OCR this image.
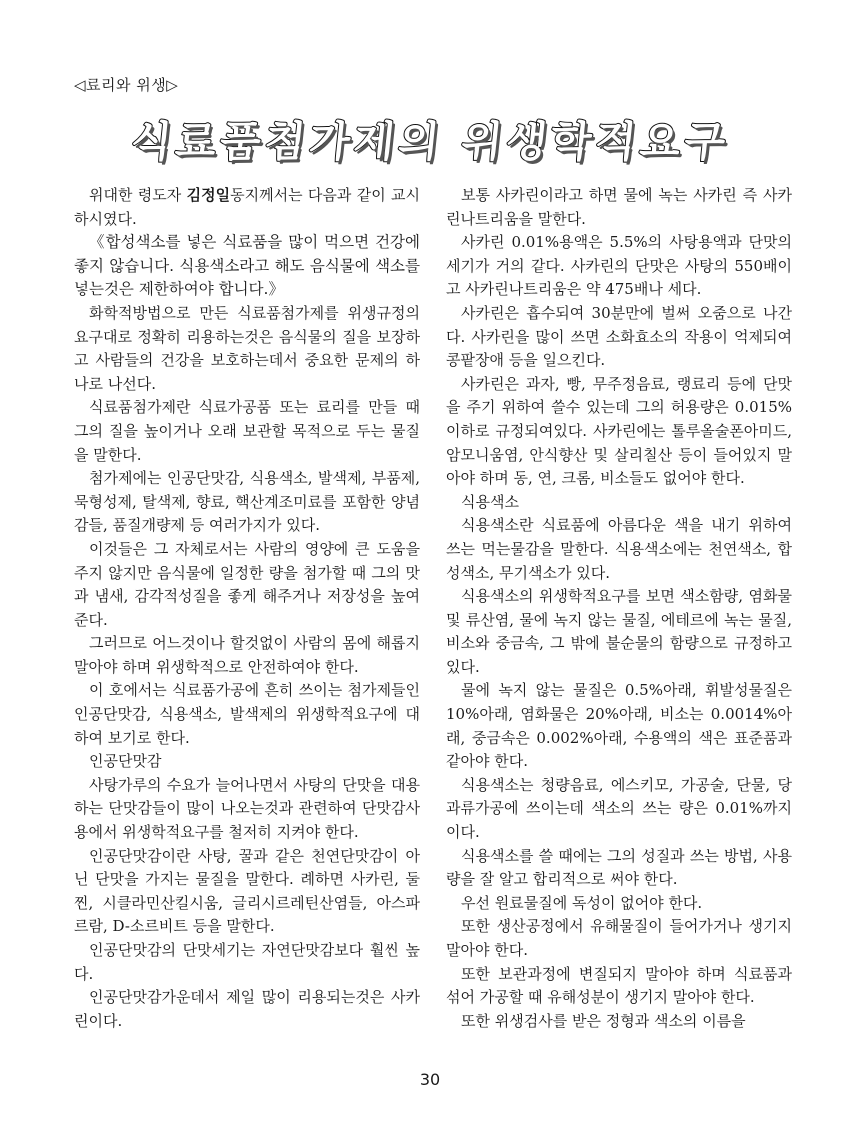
◁료리와 위생▷
식료품첨가제의 위생학적요구

위대한 령도자 김정일동지께서는 다음과 같이 교시하시였다.

《합성색소를 넣은 식료품을 많이 먹으면 건강에 좋지 않습니다. 식용색소라고 해도 음식물에 색소를 넣는것은 제한하여야 합니다.》

화학적방법으로 만든 식료품첨가제를 위생규정의 요구대로 정확히 리용하는것은 음식물의 질을 보장하고 사람들의 건강을 보호하는데서 중요한 문제의 하나로 나선다.

식료품첨가제란 식료가공품 또는 료리를 만들 때 그의 질을 높이거나 오래 보관할 목적으로 두는 물질을 말한다.

첨가제에는 인공단맛감, 식용색소, 발색제, 부품제, 묵형성제, 탈색제, 향료, 핵산계조미료를 포함한 양념감들, 품질개량제 등 여러가지가 있다.

이것들은 그 자체로서는 사람의 영양에 큰 도움을 주지 않지만 음식물에 일정한 량을 첨가할 때 그의 맛과 냄새, 감각적성질을 좋게 해주거나 저장성을 높여준다.

그러므로 어느것이나 할것없이 사람의 몸에 해롭지 말아야 하며 위생학적으로 안전하여야 한다.

이 호에서는 식료품가공에 흔히 쓰이는 첨가제들인 인공단맛감, 식용색소, 발색제의 위생학적요구에 대하여 보기로 한다.

인공단맛감

사탕가루의 수요가 늘어나면서 사탕의 단맛을 대용하는 단맛감들이 많이 나오는것과 관련하여 단맛감사용에서 위생학적요구를 철저히 지켜야 한다.

인공단맛감이란 사탕, 꿀과 같은 천연단맛감이 아닌 단맛을 가지는 물질을 말한다. 례하면 사카린, 둘찐, 시클라민산킬시움, 글리시르레틴산염들, 아스파르람, D-소르비트 등을 말한다.

인공단맛감의 단맛세기는 자연단맛감보다 훨씬 높다.

인공단맛감가운데서 제일 많이 리용되는것은 사카린이다.

보통 사카린이라고 하면 물에 녹는 사카린 즉 사카린나트리움을 말한다.

사카린 0.01%용액은 5.5%의 사탕용액과 단맛의 세기가 거의 같다. 사카린의 단맛은 사탕의 550배이고 사카린나트리움은 약 475배나 세다.

사카린은 흡수되여 30분만에 벌써 오줌으로 나간다. 사카린을 많이 쓰면 소화효소의 작용이 억제되여 콩팥장애 등을 일으킨다.

사카린은 과자, 빵, 무주정음료, 랭료리 등에 단맛을 주기 위하여 쓸수 있는데 그의 허용량은 0.015%이하로 규정되여있다. 사카린에는 톨루올술폰아미드, 암모니움염, 안식향산 및 살리칠산 등이 들어있지 말아야 하며 동, 연, 크롬, 비소들도 없어야 한다.

식용색소

식용색소란 식료품에 아름다운 색을 내기 위하여 쓰는 먹는물감을 말한다. 식용색소에는 천연색소, 합성색소, 무기색소가 있다.

식용색소의 위생학적요구를 보면 색소함량, 염화물 및 류산염, 물에 녹지 않는 물질, 에테르에 녹는 물질, 비소와 중금속, 그 밖에 불순물의 함량으로 규정하고있다.

물에 녹지 않는 물질은 0.5%아래, 휘발성물질은 10%아래, 염화물은 20%아래, 비소는 0.0014%아래, 중금속은 0.002%아래, 수용액의 색은 표준품과 같아야 한다.

식용색소는 청량음료, 에스키모, 가공술, 단물, 당과류가공에 쓰이는데 색소의 쓰는 량은 0.01%까지 이다.

식용색소를 쓸 때에는 그의 성질과 쓰는 방법, 사용량을 잘 알고 합리적으로 써야 한다.

우선 원료물질에 독성이 없어야 한다.

또한 생산공정에서 유해물질이 들어가거나 생기지 말아야 한다.

또한 보관과정에 변질되지 말아야 하며 식료품과 섞어 가공할 때 유해성분이 생기지 말아야 한다.

또한 위생검사를 받은 정형과 색소의 이름을

30
